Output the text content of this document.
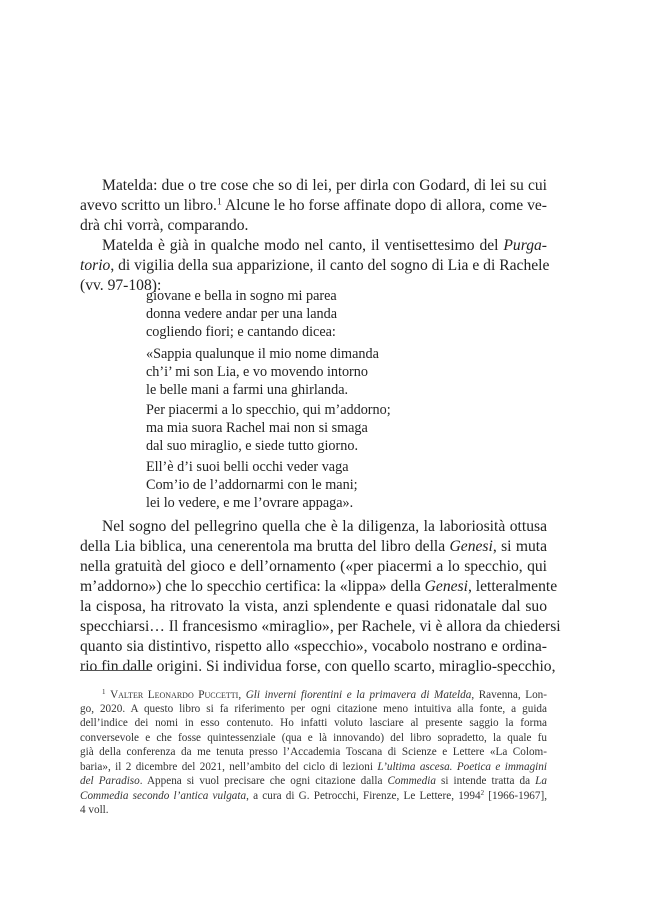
Matelda: due o tre cose che so di lei, per dirla con Godard, di lei su cui
avevo scritto un libro.$^1$ Alcune le ho forse affinate dopo di allora, come ve-
drà chi vorrà, comparando.
Matelda è già in qualche modo nel canto, il ventisettesimo del Purga-
torio, di vigilia della sua apparizione, il canto del sogno di Lia e di Rachele
(vv. 97-108):
giovane e bella in sogno mi parea
donna vedere andar per una landa
cogliendo fiori; e cantando dicea:
«Sappia qualunque il mio nome dimanda
ch’i’ mi son Lia, e vo movendo intorno
le belle mani a farmi una ghirlanda.
Per piacermi a lo specchio, qui m’addorno;
ma mia suora Rachel mai non si smaga
dal suo miraglio, e siede tutto giorno.
Ell’è d’i suoi belli occhi veder vaga
Com’io de l’addornarmi con le mani;
lei lo vedere, e me l’ovrare appaga».
Nel sogno del pellegrino quella che è la diligenza, la laboriosità ottusa
della Lia biblica, una cenerentola ma brutta del libro della Genesi, si muta
nella gratuità del gioco e dell’ornamento («per piacermi a lo specchio, qui
m’addorno») che lo specchio certifica: la «lippa» della Genesi, letteralmente
la cisposa, ha ritrovato la vista, anzi splendente e quasi ridonatale dal suo
specchiarsi… Il francesismo «miraglio», per Rachele, vi è allora da chiedersi
quanto sia distintivo, rispetto allo «specchio», vocabolo nostrano e ordina-
rio fin dalle origini. Si individua forse, con quello scarto, miraglio-specchio,
$^1$ Valter Leonardo Puccetti, Gli inverni fiorentini e la primavera di Matelda, Ravenna, Lon-
go, 2020. A questo libro si fa riferimento per ogni citazione meno intuitiva alla fonte, a guida
dell’indice dei nomi in esso contenuto. Ho infatti voluto lasciare al presente saggio la forma
conversevole e che fosse quintessenziale (qua e là innovando) del libro sopradetto, la quale fu
già della conferenza da me tenuta presso l’Accademia Toscana di Scienze e Lettere «La Colom-
baria», il 2 dicembre del 2021, nell’ambito del ciclo di lezioni L’ultima ascesa. Poetica e immagini
del Paradiso. Appena si vuol precisare che ogni citazione dalla Commedia si intende tratta da La
Commedia secondo l’antica vulgata, a cura di G. Petrocchi, Firenze, Le Lettere, 1994$^2$ [1966-1967],
4 voll.
